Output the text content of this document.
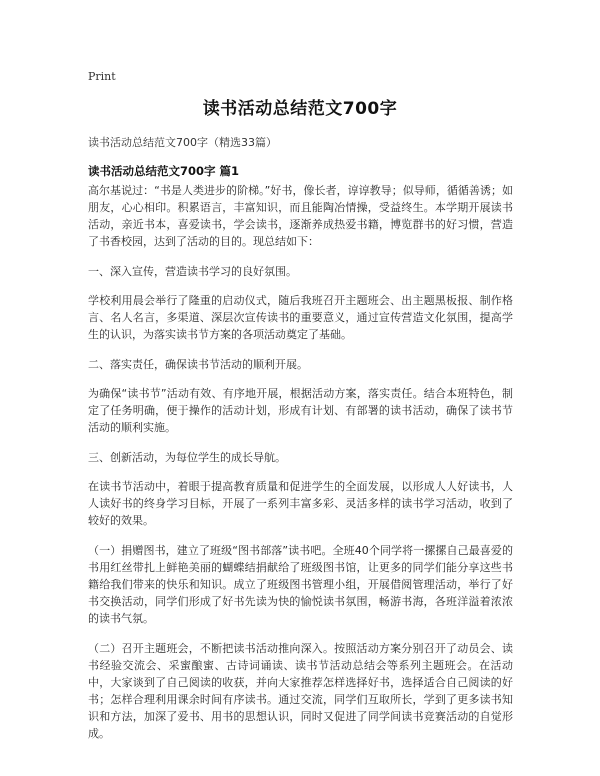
Print
读书活动总结范文700字
读书活动总结范文700字（精选33篇）
读书活动总结范文700字 篇1

高尔基说过：“书是人类进步的阶梯。”好书，像长者，谆谆教导；似导师，循循善诱；如朋友，心心相印。积累语言，丰富知识，而且能陶冶情操，受益终生。本学期开展读书活动，亲近书本，喜爱读书，学会读书，逐渐养成热爱书籍，博览群书的好习惯，营造了书香校园，达到了活动的目的。现总结如下：

一、深入宣传，营造读书学习的良好氛围。

学校利用晨会举行了隆重的启动仪式，随后我班召开主题班会、出主题黑板报、制作格言、名人名言，多渠道、深层次宣传读书的重要意义，通过宣传营造文化氛围，提高学生的认识，为落实读书节方案的各项活动奠定了基础。

二、落实责任，确保读书节活动的顺利开展。

为确保“读书节”活动有效、有序地开展，根据活动方案，落实责任。结合本班特色，制定了任务明确，便于操作的活动计划，形成有计划、有部署的读书活动，确保了读书节活动的顺利实施。

三、创新活动，为每位学生的成长导航。

在读书节活动中，着眼于提高教育质量和促进学生的全面发展，以形成人人好读书，人人读好书的终身学习目标，开展了一系列丰富多彩、灵活多样的读书学习活动，收到了较好的效果。

（一）捐赠图书，建立了班级“图书部落”读书吧。全班40个同学将一摞摞自己最喜爱的书用红丝带扎上鲜艳美丽的蝴蝶结捐献给了班级图书馆，让更多的同学们能分享这些书籍给我们带来的快乐和知识。成立了班级图书管理小组，开展借阅管理活动，举行了好书交换活动，同学们形成了好书先读为快的愉悦读书氛围，畅游书海，各班洋溢着浓浓的读书气氛。

（二）召开主题班会，不断把读书活动推向深入。按照活动方案分别召开了动员会、读书经验交流会、采蜜酿蜜、古诗词诵读、读书节活动总结会等系列主题班会。在活动中，大家谈到了自己阅读的收获，并向大家推荐怎样选择好书，选择适合自己阅读的好书；怎样合理利用课余时间有序读书。通过交流，同学们互取所长，学到了更多读书知识和方法，加深了爱书、用书的思想认识，同时又促进了同学间读书竞赛活动的自觉形成。
